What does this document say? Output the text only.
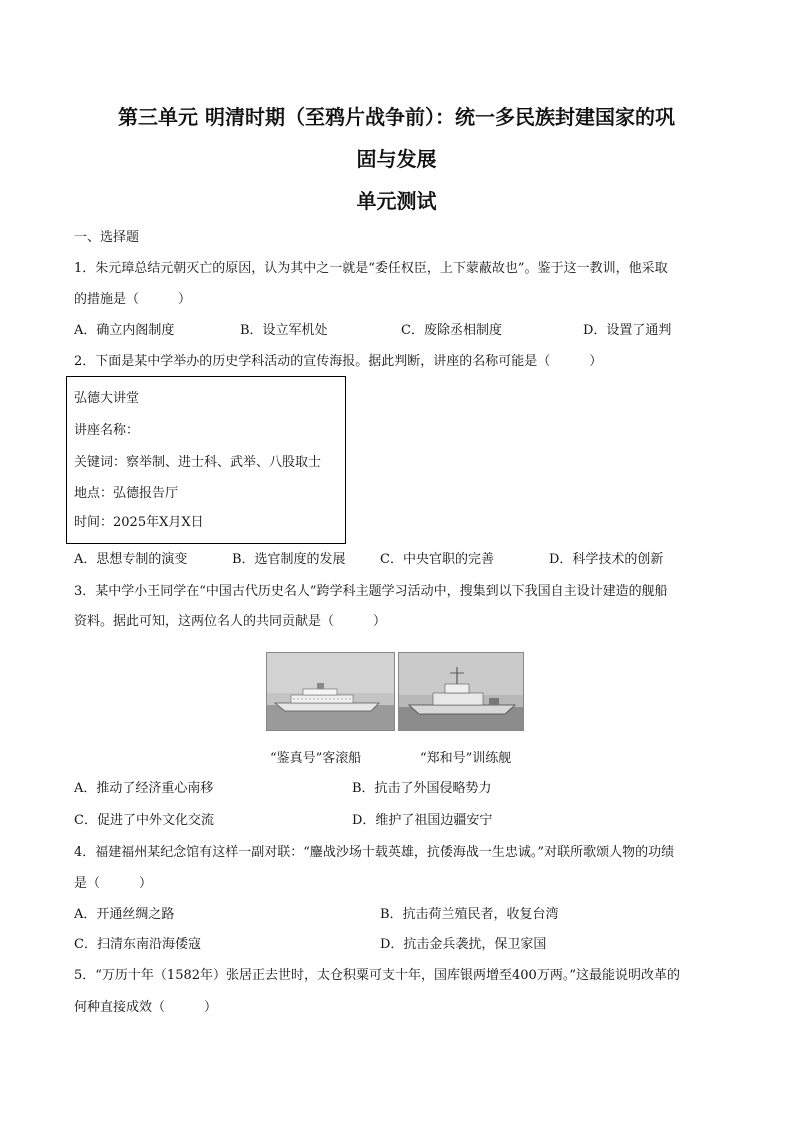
第三单元 明清时期（至鸦片战争前）：统一多民族封建国家的巩
固与发展
单元测试

一、选择题

1．朱元璋总结元朝灭亡的原因，认为其中之一就是“委任权臣，上下蒙蔽故也”。鉴于这一教训，他采取

的措施是（　　　）

A．确立内阁制度	B．设立军机处	C．废除丞相制度	D．设置了通判

2．下面是某中学举办的历史学科活动的宣传海报。据此判断，讲座的名称可能是（　　　）

弘德大讲堂
讲座名称：
关键词：察举制、进士科、武举、八股取士
地点：弘德报告厅
时间：2025年X月X日
A．思想专制的演变	B．选官制度的发展	C．中央官职的完善	D．科学技术的创新

3．某中学小王同学在“中国古代历史名人”跨学科主题学习活动中，搜集到以下我国自主设计建造的舰船

资料。据此可知，这两位名人的共同贡献是（　　　）

“鉴真号”客滚船	“郑和号”训练舰
A．推动了经济重心南移	B．抗击了外国侵略势力
C．促进了中外文化交流	D．维护了祖国边疆安宁

4．福建福州某纪念馆有这样一副对联：“鏖战沙场十载英雄，抗倭海战一生忠诚。”对联所歌颂人物的功绩

是（　　　）

A．开通丝绸之路	B．抗击荷兰殖民者，收复台湾
C．扫清东南沿海倭寇	D．抗击金兵袭扰，保卫家国

5．“万历十年（1582年）张居正去世时，太仓积粟可支十年，国库银两增至400万两。”这最能说明改革的

何种直接成效（　　　）
